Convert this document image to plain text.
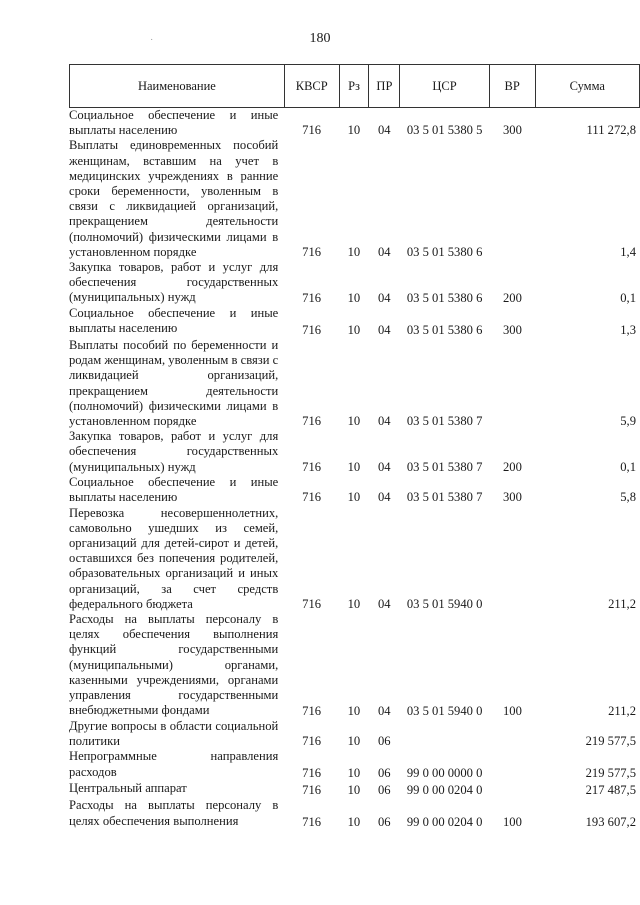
180
Наименование	КВСР	Рз	ПР	ЦСР	ВР	Сумма
Социальное обеспечение и иные выплаты населению	716	10	04	03 5 01 5380 5	300	111 272,8
Выплаты единовременных пособий женщинам, вставшим на учет в медицинских учреждениях в ранние сроки беременности, уволенным в связи с ликвидацией организаций, прекращением деятельности (полномочий) физическими лицами в установленном порядке	716	10	04	03 5 01 5380 6		1,4
Закупка товаров, работ и услуг для обеспечения государственных (муниципальных) нужд	716	10	04	03 5 01 5380 6	200	0,1
Социальное обеспечение и иные выплаты населению	716	10	04	03 5 01 5380 6	300	1,3
Выплаты пособий по беременности и родам женщинам, уволенным в связи с ликвидацией организаций, прекращением деятельности (полномочий) физическими лицами в установленном порядке	716	10	04	03 5 01 5380 7		5,9
Закупка товаров, работ и услуг для обеспечения государственных (муниципальных) нужд	716	10	04	03 5 01 5380 7	200	0,1
Социальное обеспечение и иные выплаты населению	716	10	04	03 5 01 5380 7	300	5,8
Перевозка несовершеннолетних, самовольно ушедших из семей, организаций для детей-сирот и детей, оставшихся без попечения родителей, образовательных организаций и иных организаций, за счет средств федерального бюджета	716	10	04	03 5 01 5940 0		211,2
Расходы на выплаты персоналу в целях обеспечения выполнения функций государственными (муниципальными) органами, казенными учреждениями, органами управления государственными внебюджетными фондами	716	10	04	03 5 01 5940 0	100	211,2
Другие вопросы в области социальной политики	716	10	06			219 577,5
Непрограммные направления расходов	716	10	06	99 0 00 0000 0		219 577,5
Центральный аппарат	716	10	06	99 0 00 0204 0		217 487,5
Расходы на выплаты персоналу в целях обеспечения выполнения	716	10	06	99 0 00 0204 0	100	193 607,2
˙
